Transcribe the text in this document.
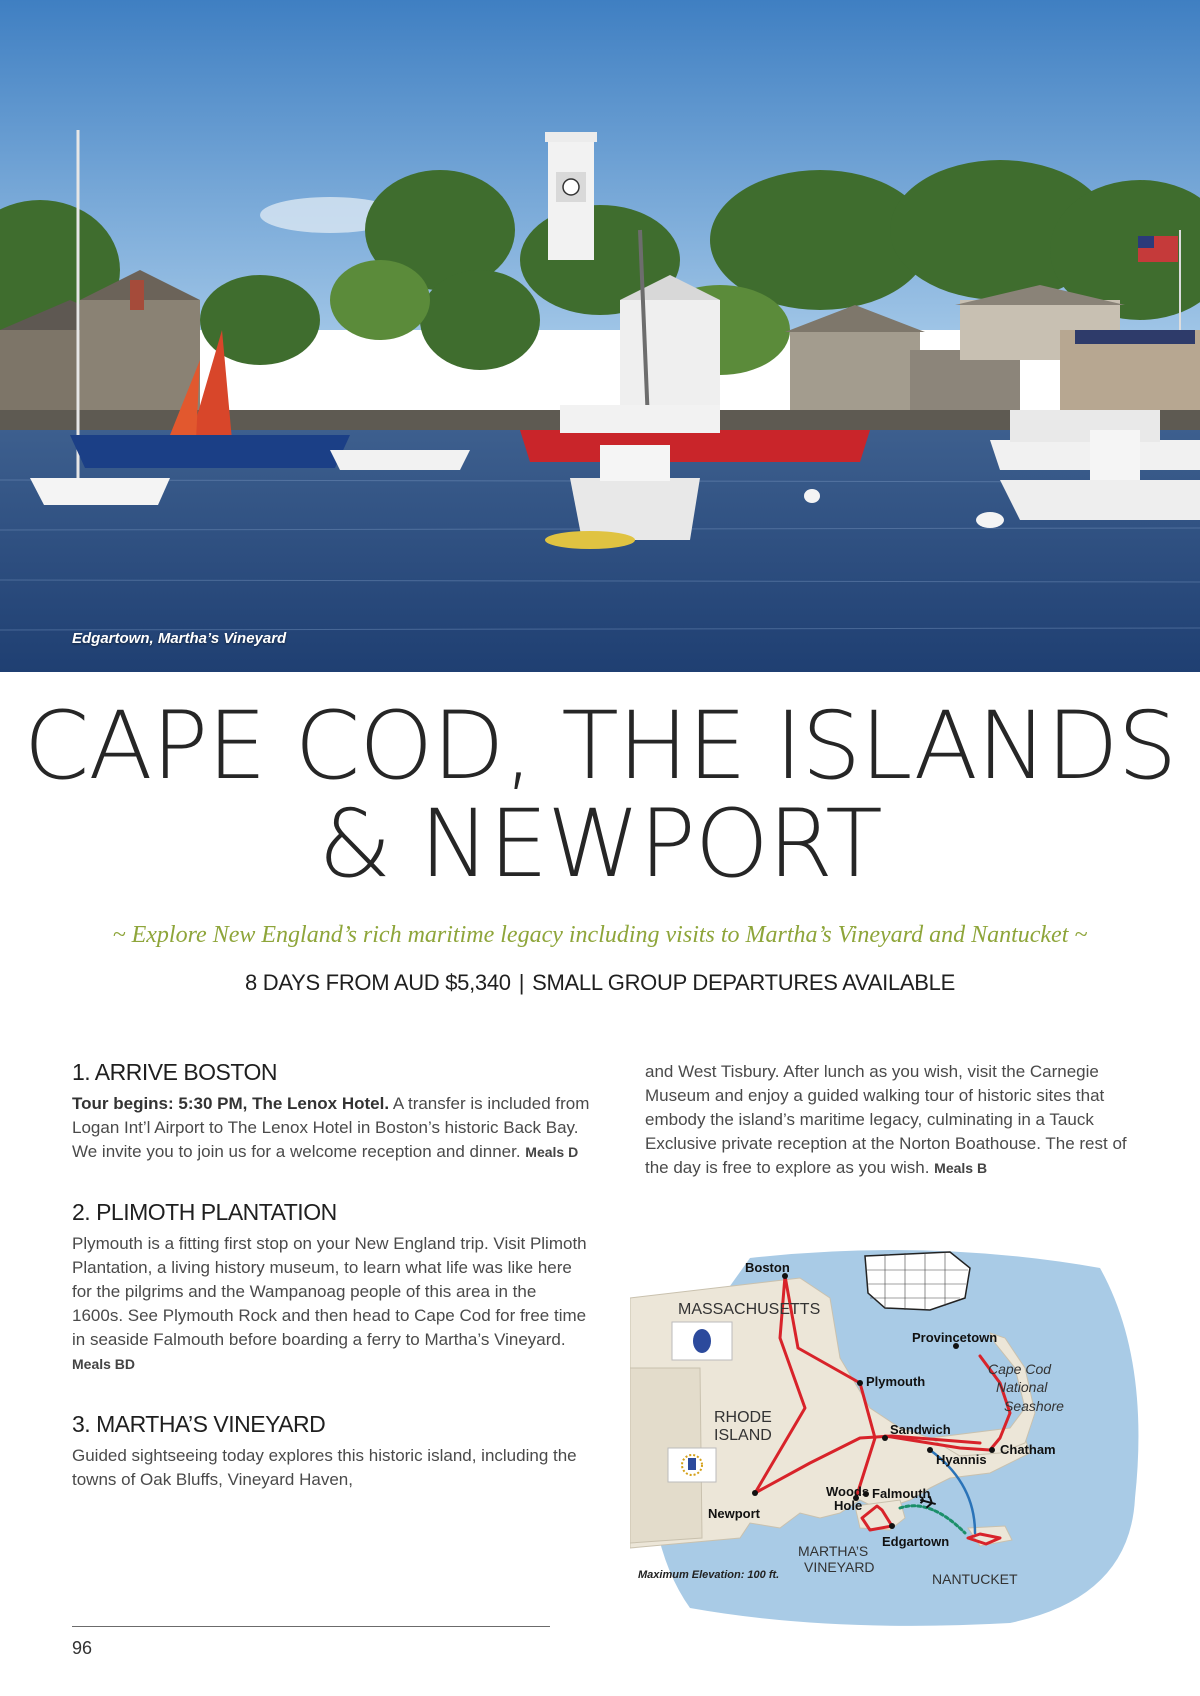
Edgartown, Martha’s Vineyard
CAPE COD, THE ISLANDS
& NEWPORT
~ Explore New England’s rich maritime legacy including visits to Martha’s Vineyard and Nantucket ~
8 DAYS FROM AUD $5,340 | SMALL GROUP DEPARTURES AVAILABLE
1. ARRIVE BOSTON

Tour begins: 5:30 PM, The Lenox Hotel. A transfer is included from Logan Int’l Airport to The Lenox Hotel in Boston’s historic Back Bay. We invite you to join us for a welcome reception and dinner. Meals D

2. PLIMOTH PLANTATION

Plymouth is a fitting first stop on your New England trip. Visit Plimoth Plantation, a living history museum, to learn what life was like here for the pilgrims and the Wampanoag people of this area in the 1600s. See Plymouth Rock and then head to Cape Cod for free time in seaside Falmouth before boarding a ferry to Martha’s Vineyard. Meals BD

3. MARTHA’S VINEYARD

Guided sightseeing today explores this historic island, including the towns of Oak Bluffs, Vineyard Haven,

and West Tisbury. After lunch as you wish, visit the Carnegie Museum and enjoy a guided walking tour of historic sites that embody the island’s maritime legacy, culminating in a Tauck Exclusive private reception at the Norton Boathouse. The rest of the day is free to explore as you wish. Meals B

Boston
Plymouth
Provincetown
Sandwich
Chatham
Hyannis
Woods
Hole
Falmouth
Newport
Edgartown
MASSACHUSETTS
RHODE
ISLAND
Cape Cod
National
Seashore
MARTHA’S
VINEYARD
NANTUCKET
Maximum Elevation: 100 ft.
96
